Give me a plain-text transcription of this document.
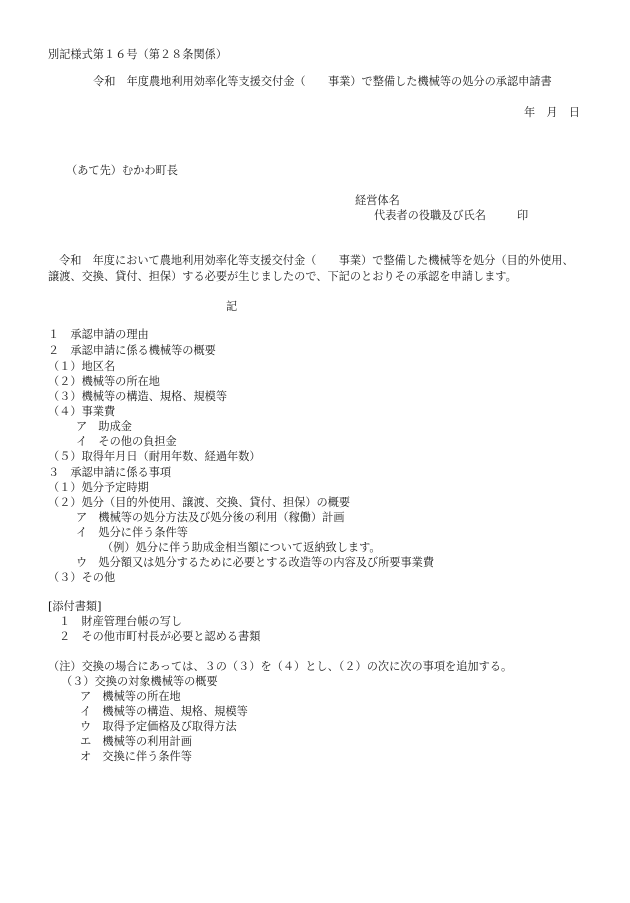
別記様式第１６号（第２８条関係）
令和　年度農地利用効率化等支援交付金（　　事業）で整備した機械等の処分の承認申請書
年　月　日
（あて先）むかわ町長
経営体名
代表者の役職及び氏名	印
令和　年度において農地利用効率化等支援交付金（　　事業）で整備した機械等を処分（目的外使用、
譲渡、交換、貸付、担保）する必要が生じましたので、下記のとおりその承認を申請します。
記
１　承認申請の理由
２　承認申請に係る機械等の概要
（１）地区名
（２）機械等の所在地
（３）機械等の構造、規格、規模等
（４）事業費
ア　助成金
イ　その他の負担金
（５）取得年月日（耐用年数、経過年数）
３　承認申請に係る事項
（１）処分予定時期
（２）処分（目的外使用、譲渡、交換、貸付、担保）の概要
ア　機械等の処分方法及び処分後の利用（稼働）計画
イ　処分に伴う条件等
（例）処分に伴う助成金相当額について返納致します。
ウ　処分額又は処分するために必要とする改造等の内容及び所要事業費
（３）その他
[添付書類]
１　財産管理台帳の写し
２　その他市町村長が必要と認める書類
（注）交換の場合にあっては、３の（３）を（４）とし、（２）の次に次の事項を追加する。
（３）交換の対象機械等の概要
ア　機械等の所在地
イ　機械等の構造、規格、規模等
ウ　取得予定価格及び取得方法
エ　機械等の利用計画
オ　交換に伴う条件等
